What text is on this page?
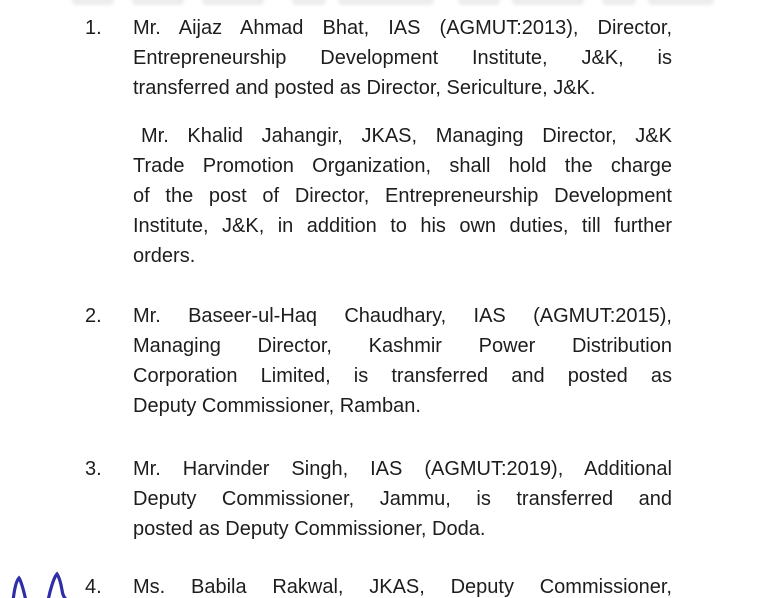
1. Mr. Aijaz Ahmad Bhat, IAS (AGMUT:2013), Director,
Entrepreneurship Development Institute, J&K, is
transferred and posted as Director, Sericulture, J&K.
Mr. Khalid Jahangir, JKAS, Managing Director, J&K
Trade Promotion Organization, shall hold the charge
of the post of Director, Entrepreneurship Development
Institute, J&K, in addition to his own duties, till further
orders.
2. Mr. Baseer-ul-Haq Chaudhary, IAS (AGMUT:2015),
Managing Director, Kashmir Power Distribution
Corporation Limited, is transferred and posted as
Deputy Commissioner, Ramban.
3. Mr. Harvinder Singh, IAS (AGMUT:2019), Additional
Deputy Commissioner, Jammu, is transferred and
posted as Deputy Commissioner, Doda.
4. Ms. Babila Rakwal, JKAS, Deputy Commissioner,
